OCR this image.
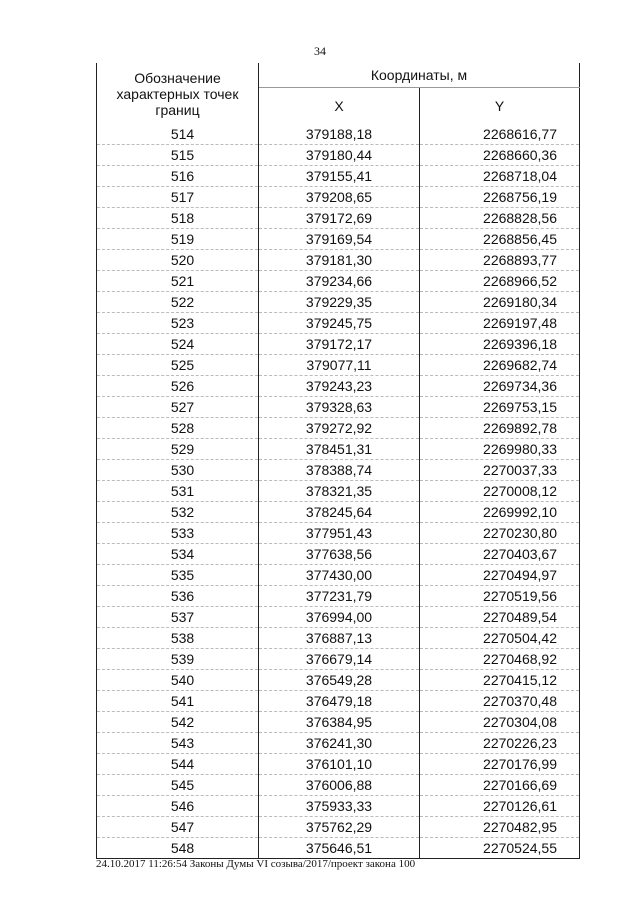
34
Обозначение характерных точек границ	Координаты, м	
	X	Y
514	379188,18	2268616,77
515	379180,44	2268660,36
516	379155,41	2268718,04
517	379208,65	2268756,19
518	379172,69	2268828,56
519	379169,54	2268856,45
520	379181,30	2268893,77
521	379234,66	2268966,52
522	379229,35	2269180,34
523	379245,75	2269197,48
524	379172,17	2269396,18
525	379077,11	2269682,74
526	379243,23	2269734,36
527	379328,63	2269753,15
528	379272,92	2269892,78
529	378451,31	2269980,33
530	378388,74	2270037,33
531	378321,35	2270008,12
532	378245,64	2269992,10
533	377951,43	2270230,80
534	377638,56	2270403,67
535	377430,00	2270494,97
536	377231,79	2270519,56
537	376994,00	2270489,54
538	376887,13	2270504,42
539	376679,14	2270468,92
540	376549,28	2270415,12
541	376479,18	2270370,48
542	376384,95	2270304,08
543	376241,30	2270226,23
544	376101,10	2270176,99
545	376006,88	2270166,69
546	375933,33	2270126,61
547	375762,29	2270482,95
548	375646,51	2270524,55
24.10.2017 11:26:54 Законы Думы VI созыва/2017/проект закона 100
